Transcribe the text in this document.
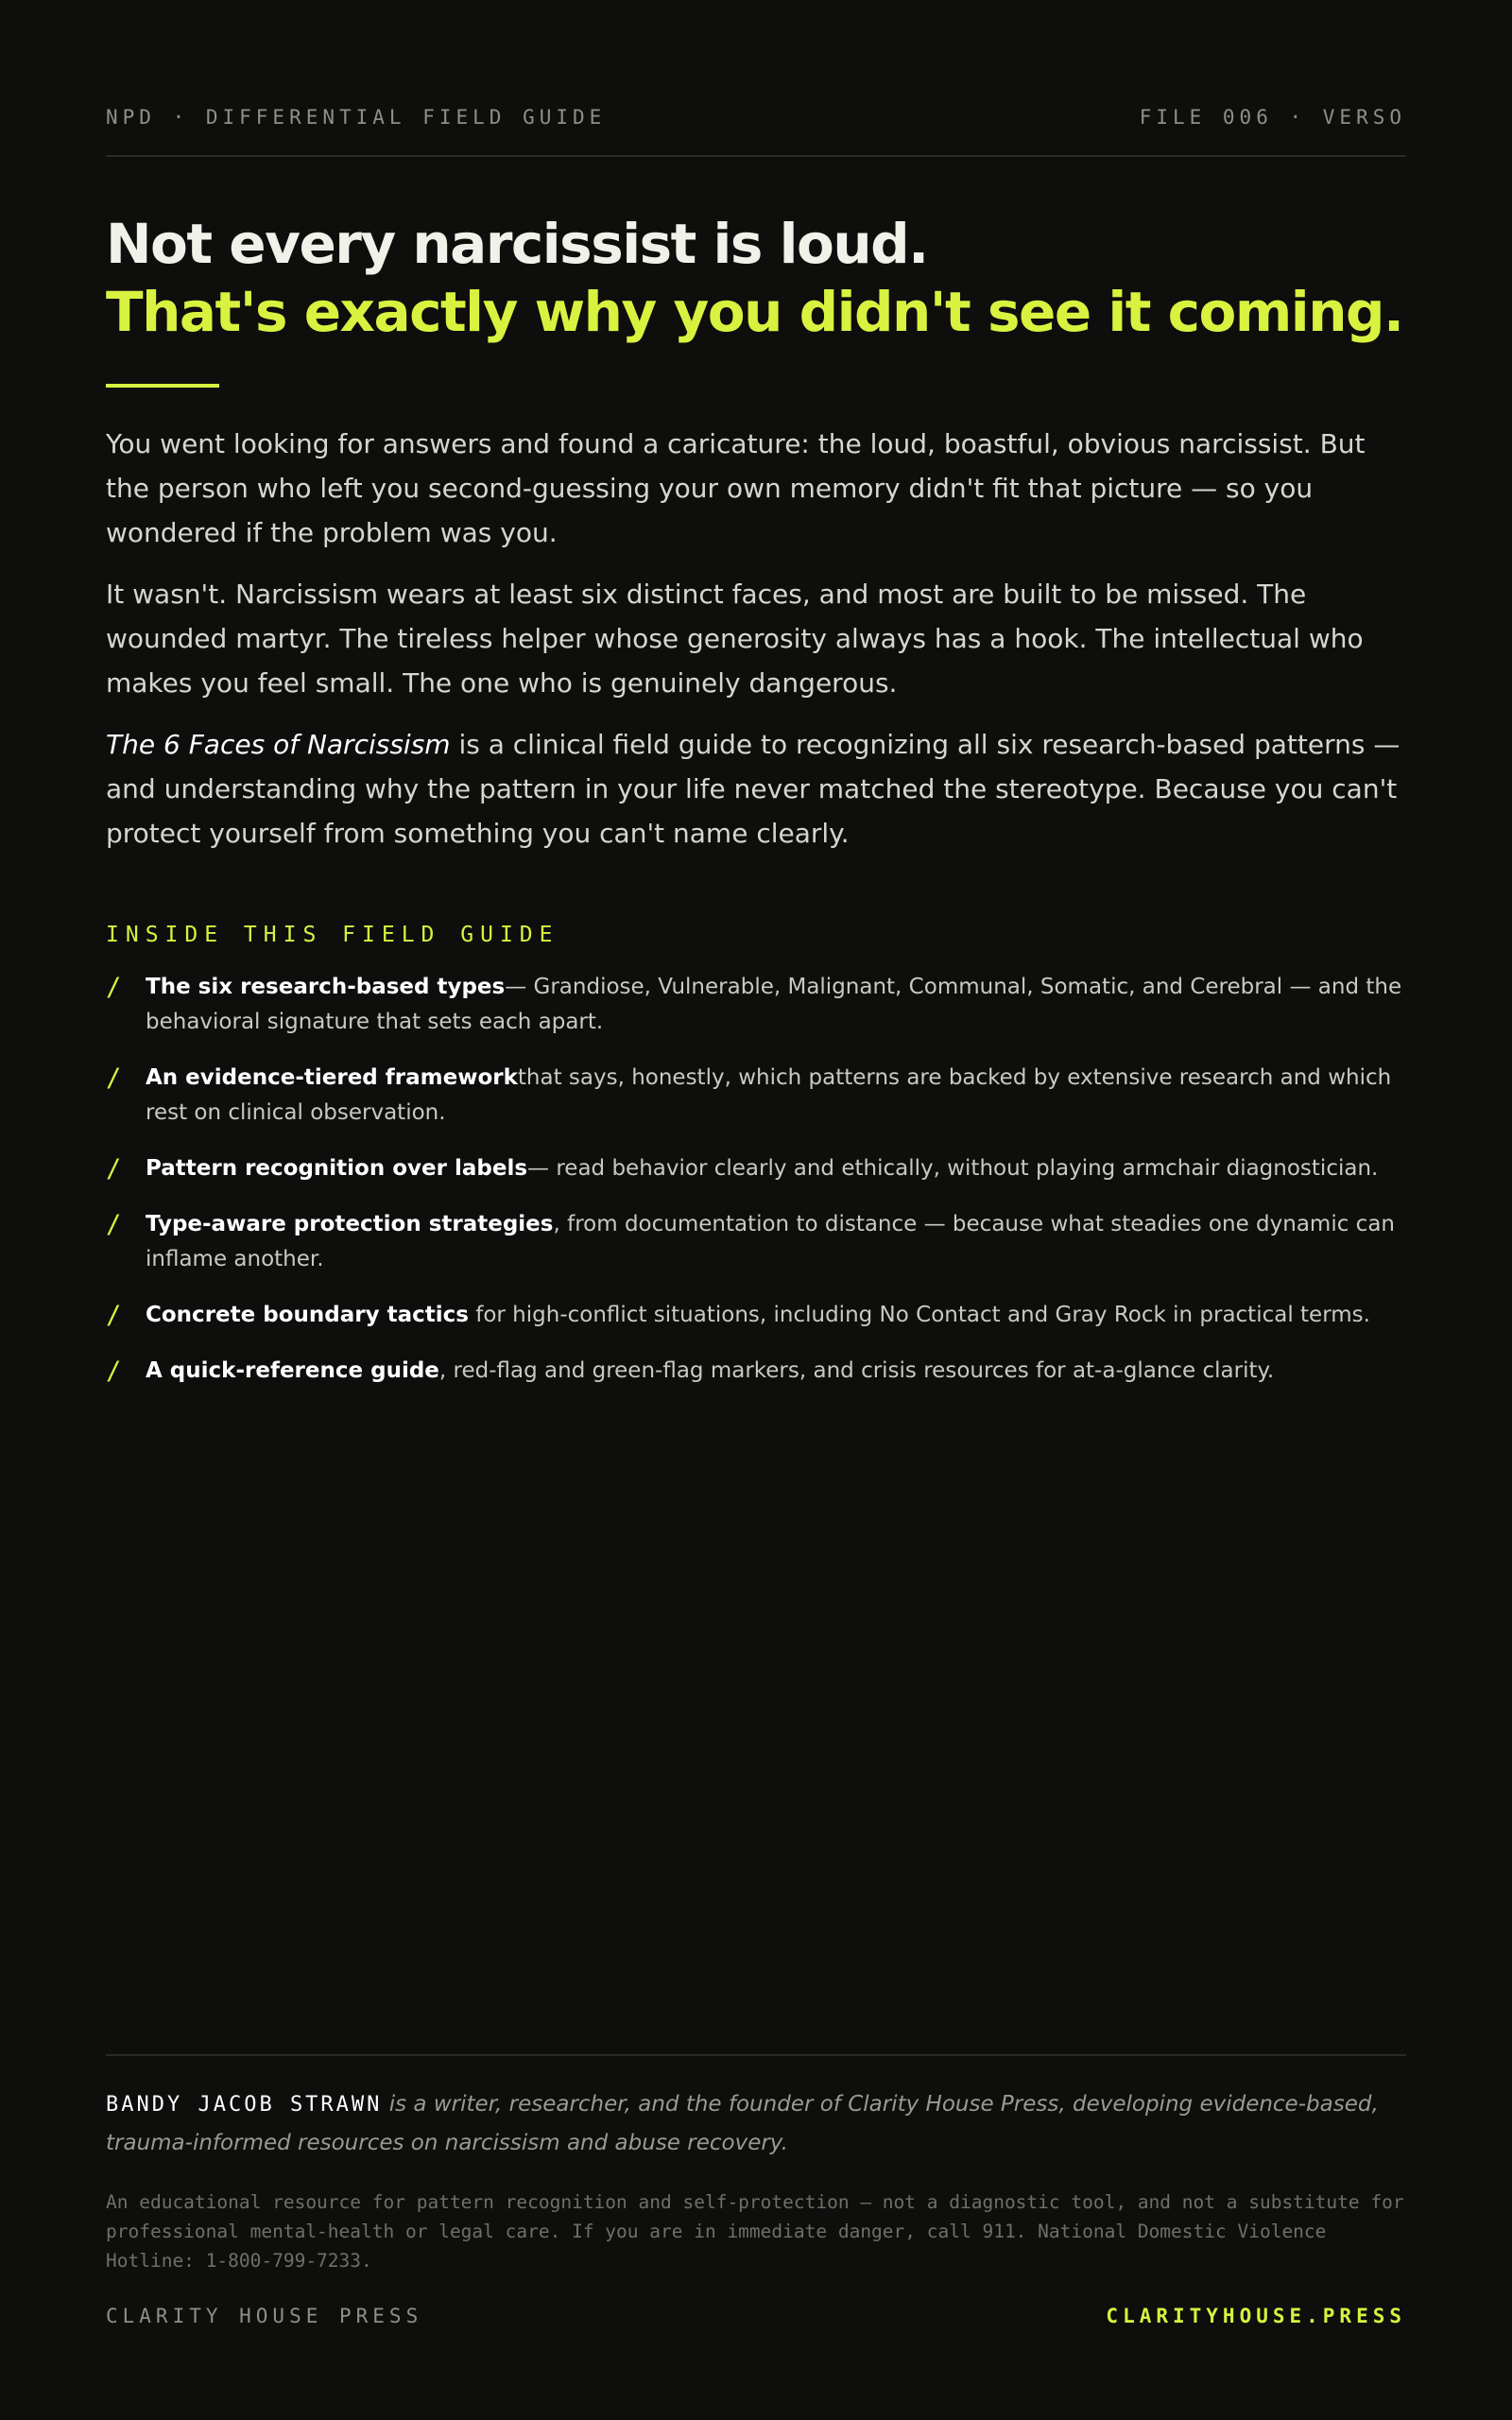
NPD · DIFFERENTIAL FIELD GUIDE	FILE 006 · VERSO
Not every narcissist is loud.
That's exactly why you didn't see it coming.

You went looking for answers and found a caricature: the loud, boastful, obvious narcissist. But the person who left you second-guessing your own memory didn't fit that picture — so you wondered if the problem was you.

It wasn't. Narcissism wears at least six distinct faces, and most are built to be missed. The wounded martyr. The tireless helper whose generosity always has a hook. The intellectual who makes you feel small. The one who is genuinely dangerous.

The 6 Faces of Narcissism is a clinical field guide to recognizing all six research-based patterns — and understanding why the pattern in your life never matched the stereotype. Because you can't protect yourself from something you can't name clearly.

INSIDE THIS FIELD GUIDE
/ The six research-based types— Grandiose, Vulnerable, Malignant, Communal, Somatic, and Cerebral — and the behavioral signature that sets each apart.
/ An evidence-tiered frameworkthat says, honestly, which patterns are backed by extensive research and which rest on clinical observation.
/ Pattern recognition over labels— read behavior clearly and ethically, without playing armchair diagnostician.
/ Type-aware protection strategies, from documentation to distance — because what steadies one dynamic can inflame another.
/ Concrete boundary tactics for high-conflict situations, including No Contact and Gray Rock in practical terms.
/ A quick-reference guide, red-flag and green-flag markers, and crisis resources for at-a-glance clarity.
BANDY JACOB STRAWN is a writer, researcher, and the founder of Clarity House Press, developing evidence-based, trauma-informed resources on narcissism and abuse recovery.
An educational resource for pattern recognition and self-protection — not a diagnostic tool, and not a substitute for professional mental-health or legal care. If you are in immediate danger, call 911. National Domestic Violence Hotline: 1-800-799-7233.
CLARITY HOUSE PRESS	CLARITYHOUSE.PRESS
